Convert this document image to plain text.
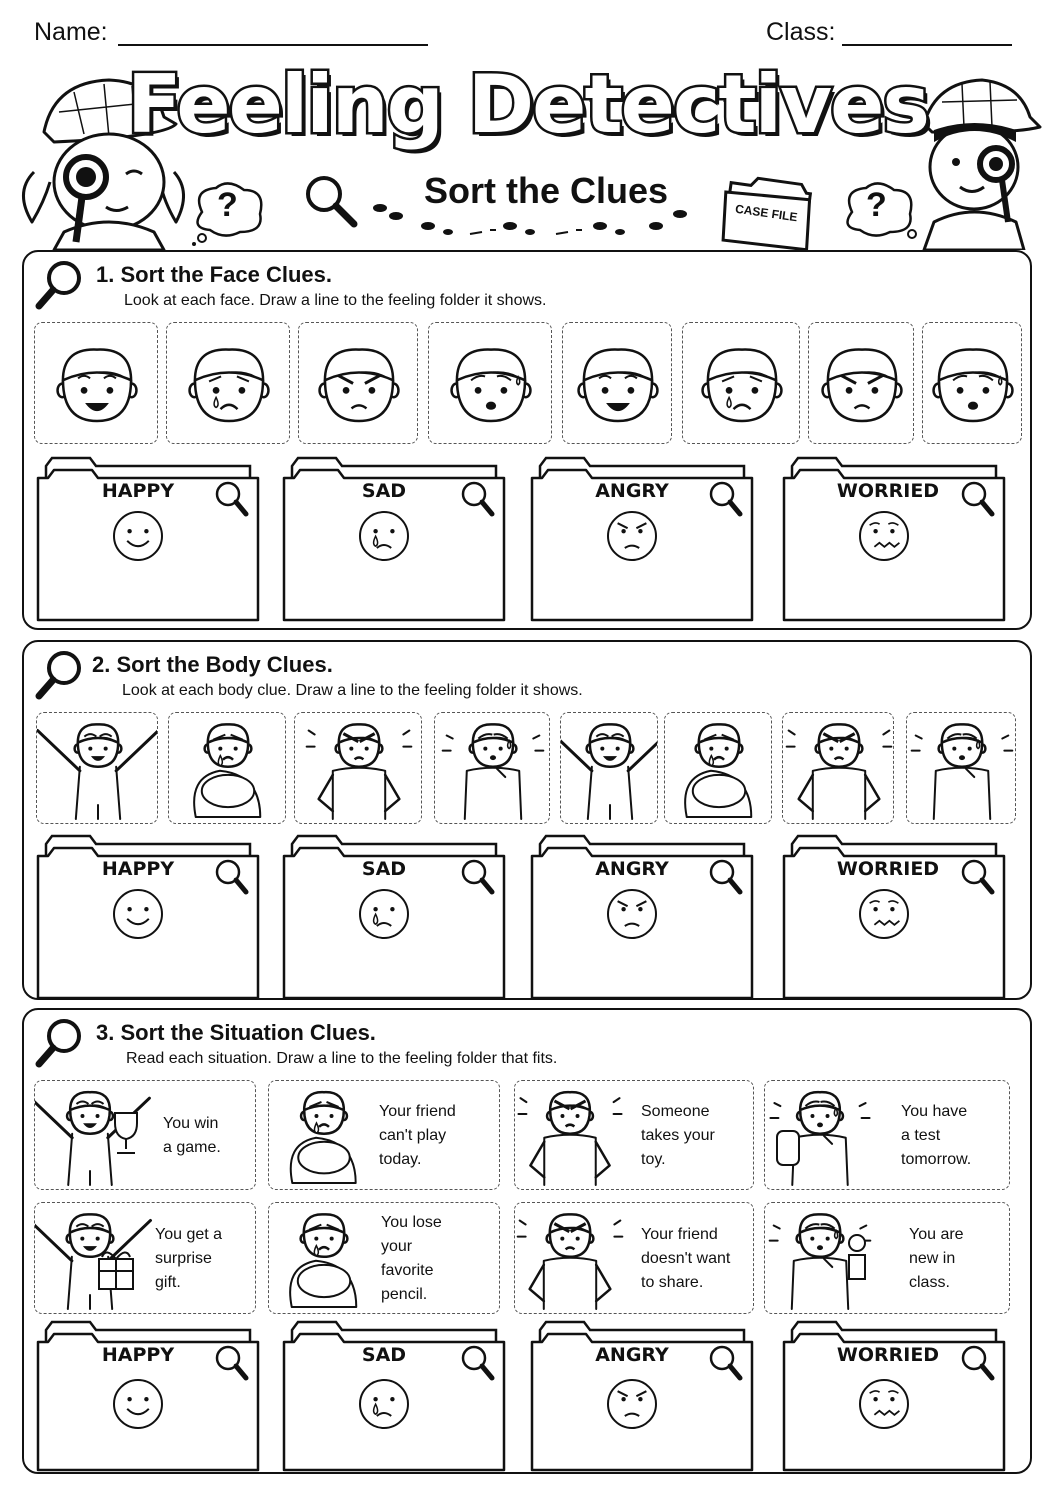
Name:	Class:
Feeling Detectives
Sort the Clues
?	?
CASE FILE
1. Sort the Face Clues.
Look at each face. Draw a line to the feeling folder it shows.
2. Sort the Body Clues.
Look at each body clue. Draw a line to the feeling folder it shows.
3. Sort the Situation Clues.
Read each situation. Draw a line to the feeling folder that fits.
You win
a game.
Your friend
can't play
today.
Someone
takes your
toy.
You have
a test
tomorrow.
You get a
surprise
gift.
You lose
your
favorite
pencil.
Your friend
doesn't want
to share.
You are
new in
class.
HAPPY	SAD	ANGRY	WORRIED
HAPPY	SAD	ANGRY	WORRIED
HAPPY	SAD	ANGRY	WORRIED
